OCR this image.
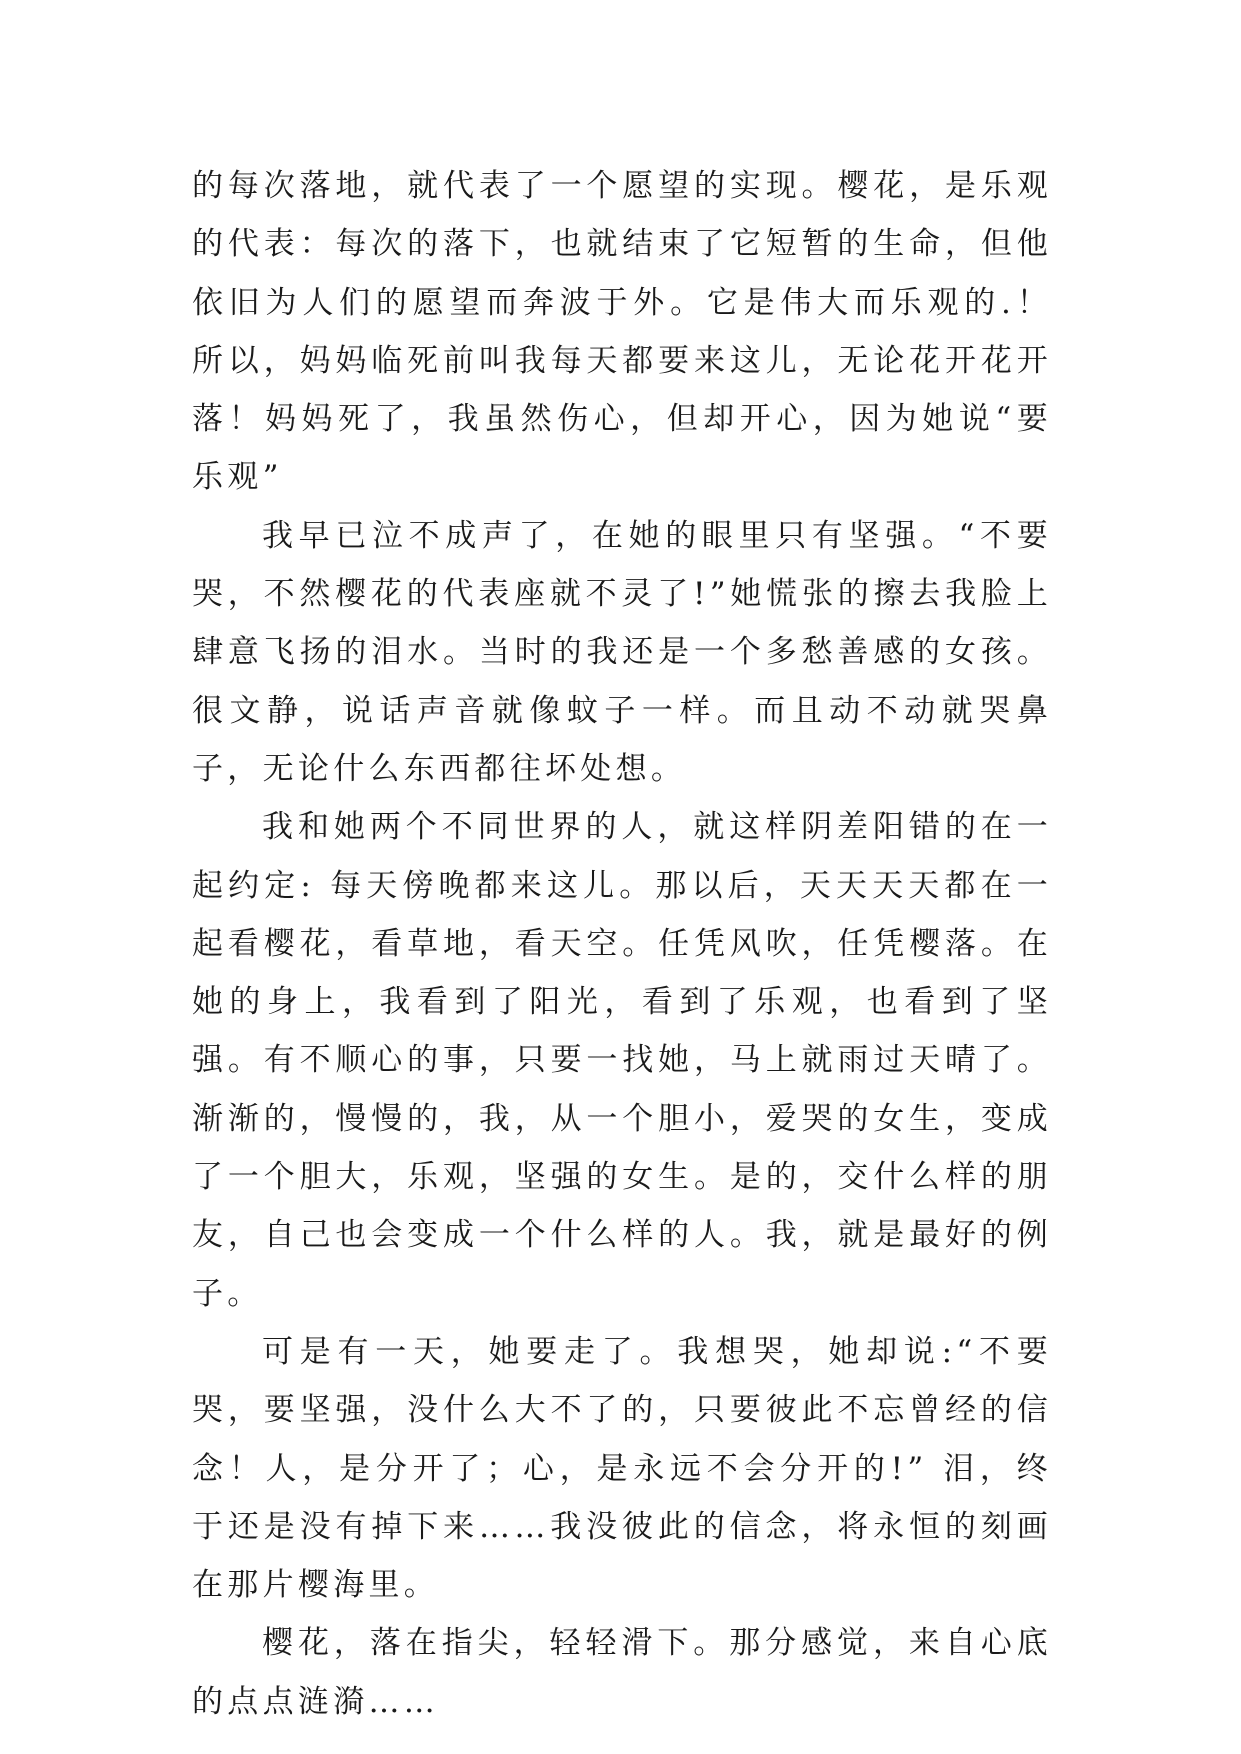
的每次落地，就代表了一个愿望的实现。樱花，是乐观的代表：每次的落下，也就结束了它短暂的生命，但他依旧为人们的愿望而奔波于外。它是伟大而乐观的.！所以，妈妈临死前叫我每天都要来这儿，无论花开花开落！妈妈死了，我虽然伤心，但却开心，因为她说“要乐观”

我早已泣不成声了，在她的眼里只有坚强。“不要哭，不然樱花的代表座就不灵了!”她慌张的擦去我脸上肆意飞扬的泪水。当时的我还是一个多愁善感的女孩。很文静，说话声音就像蚊子一样。而且动不动就哭鼻子，无论什么东西都往坏处想。

我和她两个不同世界的人，就这样阴差阳错的在一起约定: 每天傍晚都来这儿。那以后，天天天天都在一起看樱花，看草地，看天空。任凭风吹，任凭樱落。在她的身上，我看到了阳光，看到了乐观，也看到了坚强。有不顺心的事，只要一找她，马上就雨过天晴了。渐渐的，慢慢的，我，从一个胆小，爱哭的女生，变成了一个胆大，乐观，坚强的女生。是的，交什么样的朋友，自己也会变成一个什么样的人。我，就是最好的例子。

可是有一天，她要走了。我想哭，她却说:“不要哭，要坚强，没什么大不了的，只要彼此不忘曾经的信念！人，是分开了；心，是永远不会分开的!” 泪，终于还是没有掉下来……我没彼此的信念，将永恒的刻画在那片樱海里。

樱花，落在指尖，轻轻滑下。那分感觉，来自心底的点点涟漪……
